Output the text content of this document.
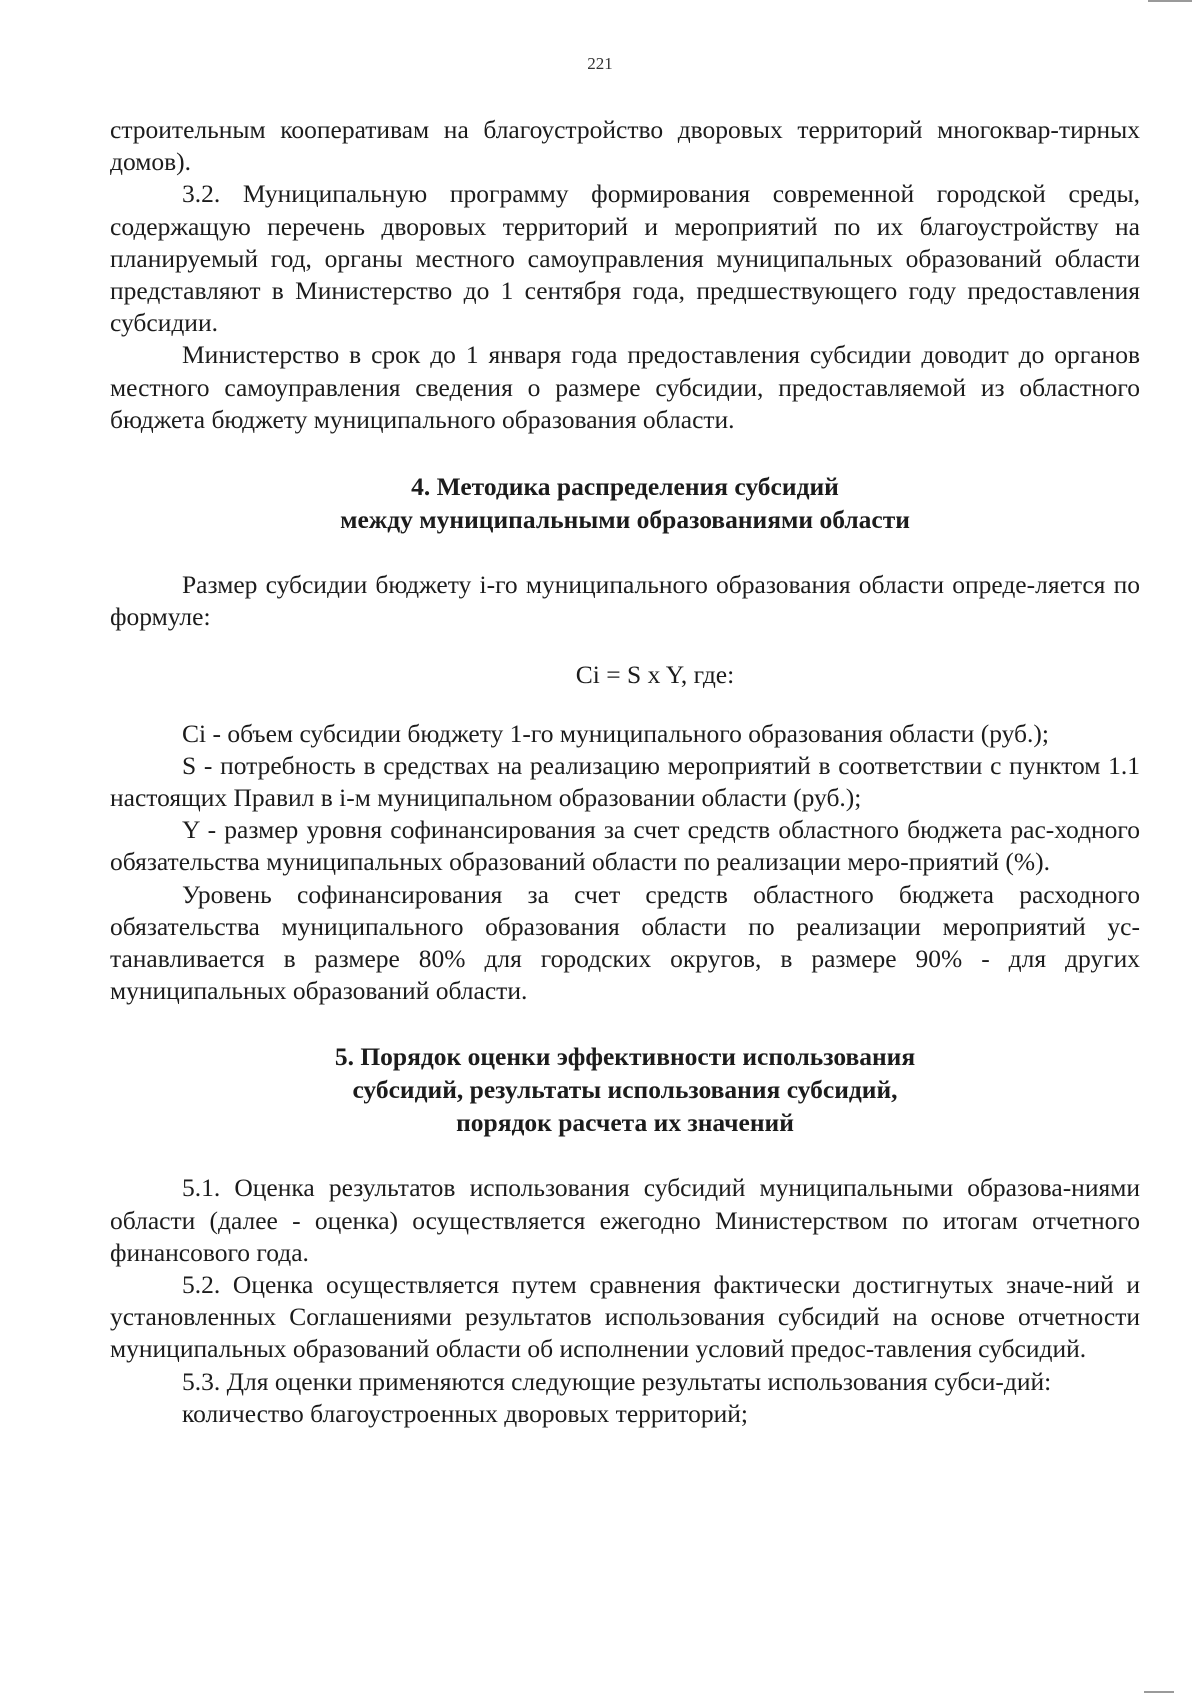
221

строительным кооперативам на благоустройство дворовых территорий многоквар-тирных домов).

3.2. Муниципальную программу формирования современной городской среды, содержащую перечень дворовых территорий и мероприятий по их благоустройству на планируемый год, органы местного самоуправления муниципальных образований области представляют в Министерство до 1 сентября года, предшествующего году предоставления субсидии.

Министерство в срок до 1 января года предоставления субсидии доводит до органов местного самоуправления сведения о размере субсидии, предоставляемой из областного бюджета бюджету муниципального образования области.

4. Методика распределения субсидий
между муниципальными образованиями области

Размер субсидии бюджету i-го муниципального образования области опреде-ляется по формуле:

Ci = S x Y, где:

Ci - объем субсидии бюджету 1-го муниципального образования области (руб.);

S - потребность в средствах на реализацию мероприятий в соответствии с пунктом 1.1 настоящих Правил в i-м муниципальном образовании области (руб.);

Y - размер уровня софинансирования за счет средств областного бюджета рас-ходного обязательства муниципальных образований области по реализации меро-приятий (%).

Уровень софинансирования за счет средств областного бюджета расходного обязательства муниципального образования области по реализации мероприятий ус-танавливается в размере 80% для городских округов, в размере 90% - для других муниципальных образований области.

5. Порядок оценки эффективности использования
субсидий, результаты использования субсидий,
порядок расчета их значений

5.1. Оценка результатов использования субсидий муниципальными образова-ниями области (далее - оценка) осуществляется ежегодно Министерством по итогам отчетного финансового года.

5.2. Оценка осуществляется путем сравнения фактически достигнутых значе-ний и установленных Соглашениями результатов использования субсидий на основе отчетности муниципальных образований области об исполнении условий предос-тавления субсидий.

5.3. Для оценки применяются следующие результаты использования субси-дий:

количество благоустроенных дворовых территорий;
